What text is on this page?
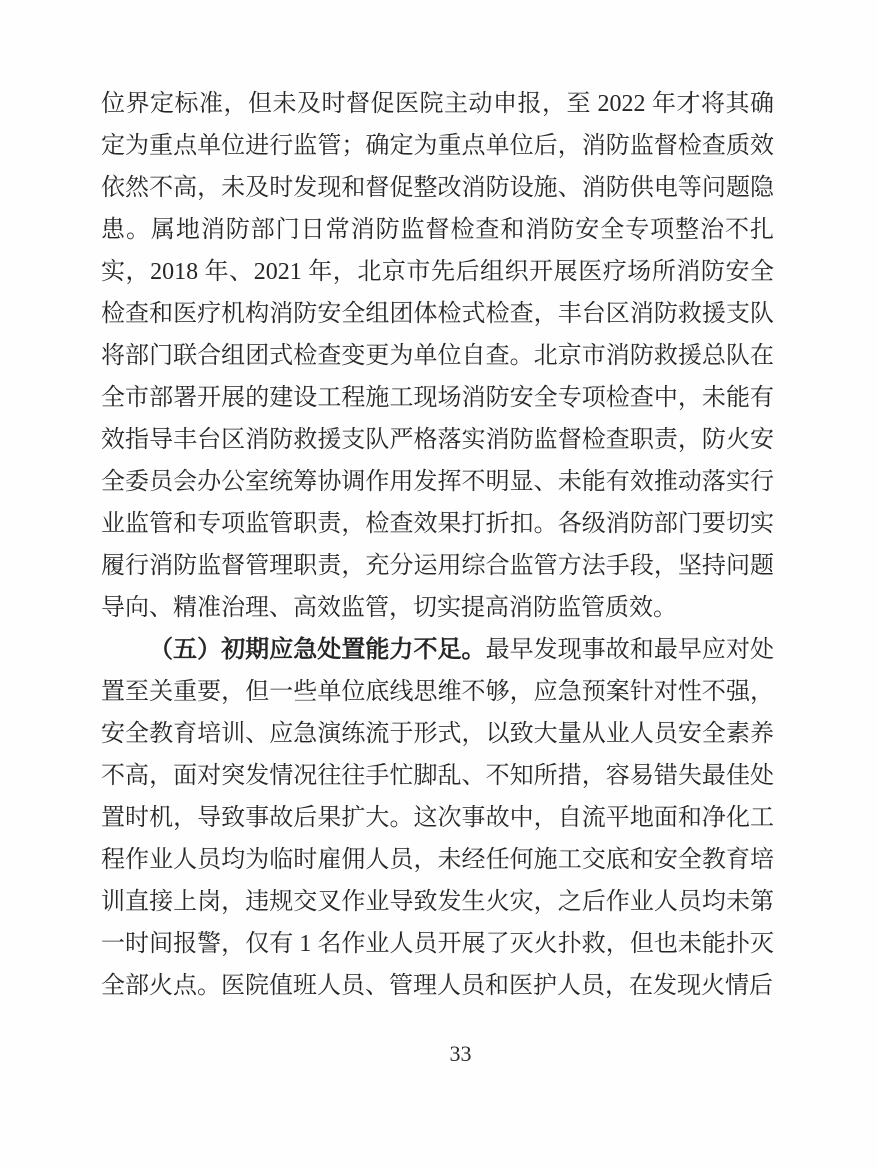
位界定标准，但未及时督促医院主动申报，至 2022 年才将其确定为重点单位进行监管；确定为重点单位后，消防监督检查质效依然不高，未及时发现和督促整改消防设施、消防供电等问题隐患。属地消防部门日常消防监督检查和消防安全专项整治不扎实，2018 年、2021 年，北京市先后组织开展医疗场所消防安全检查和医疗机构消防安全组团体检式检查，丰台区消防救援支队将部门联合组团式检查变更为单位自查。北京市消防救援总队在全市部署开展的建设工程施工现场消防安全专项检查中，未能有效指导丰台区消防救援支队严格落实消防监督检查职责，防火安全委员会办公室统筹协调作用发挥不明显、未能有效推动落实行业监管和专项监管职责，检查效果打折扣。各级消防部门要切实履行消防监督管理职责，充分运用综合监管方法手段，坚持问题导向、精准治理、高效监管，切实提高消防监管质效。

（五）初期应急处置能力不足。最早发现事故和最早应对处置至关重要，但一些单位底线思维不够，应急预案针对性不强，安全教育培训、应急演练流于形式，以致大量从业人员安全素养不高，面对突发情况往往手忙脚乱、不知所措，容易错失最佳处置时机，导致事故后果扩大。这次事故中，自流平地面和净化工程作业人员均为临时雇佣人员，未经任何施工交底和安全教育培训直接上岗，违规交叉作业导致发生火灾，之后作业人员均未第一时间报警，仅有 1 名作业人员开展了灭火扑救，但也未能扑灭全部火点。医院值班人员、管理人员和医护人员，在发现火情后

33
